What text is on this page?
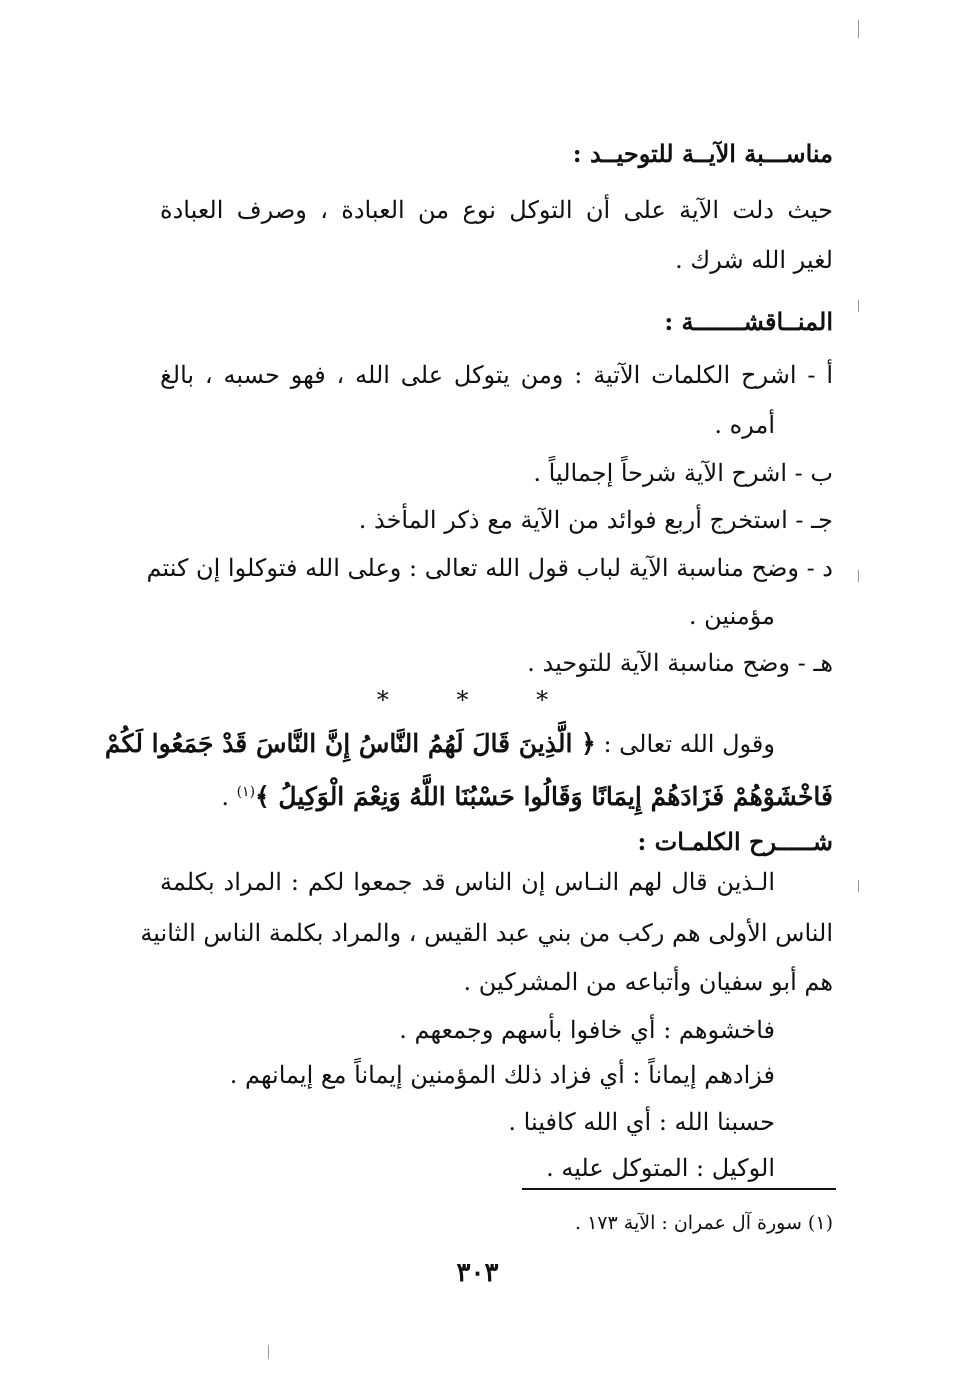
مناســـبة الآيــة للتوحيــد :
حيث دلت الآية على أن التوكل نوع من العبادة ، وصرف العبادة
لغير الله شرك .
المنــاقشـــــــة :
أ - اشرح الكلمات الآتية : ومن يتوكل على الله ، فهو حسبه ، بالغ
أمره .
ب - اشرح الآية شرحاً إجمالياً .
جـ - استخرج أربع فوائد من الآية مع ذكر المأخذ .
د - وضح مناسبة الآية لباب قول الله تعالى : وعلى الله فتوكلوا إن كنتم
مؤمنين .
هـ - وضح مناسبة الآية للتوحيد .
* * *
وقول الله تعالى : ﴿ الَّذِينَ قَالَ لَهُمُ النَّاسُ إِنَّ النَّاسَ قَدْ جَمَعُوا لَكُمْ
فَاخْشَوْهُمْ فَزَادَهُمْ إِيمَانًا وَقَالُوا حَسْبُنَا اللَّهُ وَنِعْمَ الْوَكِيلُ ﴾$^{(١)}$ .
شـــــرح الكلمـات :
الـذين قال لهم النـاس إن الناس قد جمعوا لكم : المراد بكلمة
الناس الأولى هم ركب من بني عبد القيس ، والمراد بكلمة الناس الثانية
هم أبو سفيان وأتباعه من المشركين .
فاخشوهم : أي خافوا بأسهم وجمعهم .
فزادهم إيماناً : أي فزاد ذلك المؤمنين إيماناً مع إيمانهم .
حسبنا الله : أي الله كافينا .
الوكيل : المتوكل عليه .
(١) سورة آل عمران : الآية ١٧٣ .
٣٠٣
